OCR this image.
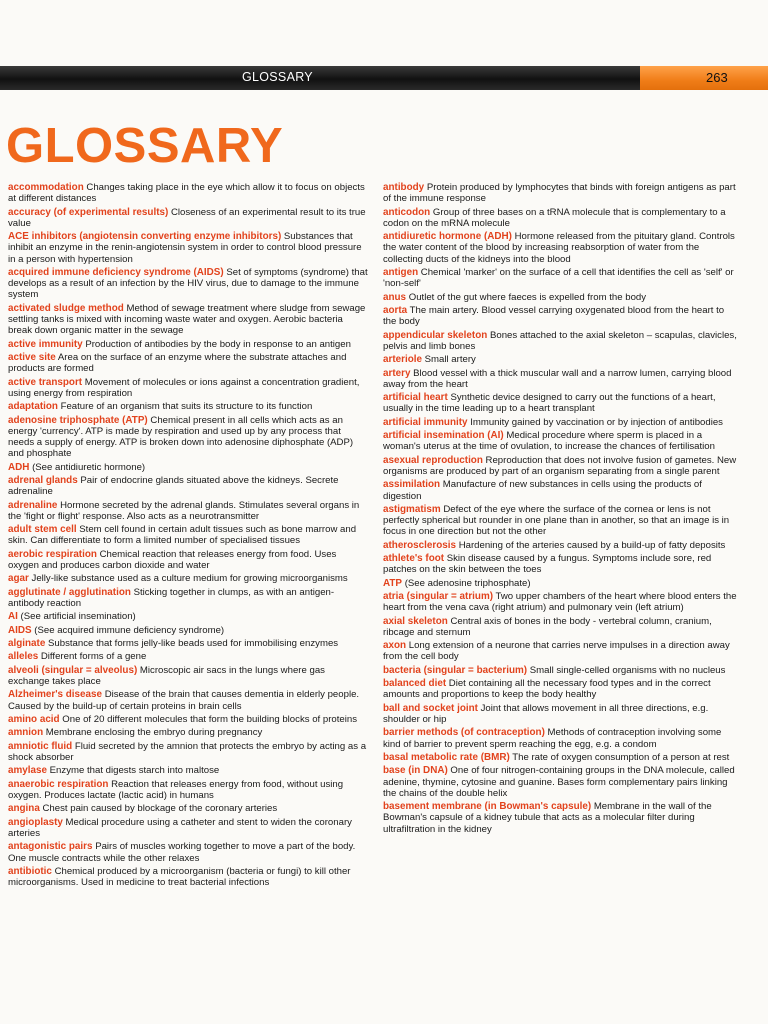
GLOSSARY	263
GLOSSARY

accommodation Changes taking place in the eye which allow it to focus on objects at different distances

accuracy (of experimental results) Closeness of an experimental result to its true value

ACE inhibitors (angiotensin converting enzyme inhibitors) Substances that inhibit an enzyme in the renin-angiotensin system in order to control blood pressure in a person with hypertension

acquired immune deficiency syndrome (AIDS) Set of symptoms (syndrome) that develops as a result of an infection by the HIV virus, due to damage to the immune system

activated sludge method Method of sewage treatment where sludge from sewage settling tanks is mixed with incoming waste water and oxygen. Aerobic bacteria break down organic matter in the sewage

active immunity Production of antibodies by the body in response to an antigen

active site Area on the surface of an enzyme where the substrate attaches and products are formed

active transport Movement of molecules or ions against a concentration gradient, using energy from respiration

adaptation Feature of an organism that suits its structure to its function

adenosine triphosphate (ATP) Chemical present in all cells which acts as an energy 'currency'. ATP is made by respiration and used up by any process that needs a supply of energy. ATP is broken down into adenosine diphosphate (ADP) and phosphate

ADH (See antidiuretic hormone)

adrenal glands Pair of endocrine glands situated above the kidneys. Secrete adrenaline

adrenaline Hormone secreted by the adrenal glands. Stimulates several organs in the 'fight or flight' response. Also acts as a neurotransmitter

adult stem cell Stem cell found in certain adult tissues such as bone marrow and skin. Can differentiate to form a limited number of specialised tissues

aerobic respiration Chemical reaction that releases energy from food. Uses oxygen and produces carbon dioxide and water

agar Jelly-like substance used as a culture medium for growing microorganisms

agglutinate / agglutination Sticking together in clumps, as with an antigen-antibody reaction

AI (See artificial insemination)

AIDS (See acquired immune deficiency syndrome)

alginate Substance that forms jelly-like beads used for immobilising enzymes

alleles Different forms of a gene

alveoli (singular = alveolus) Microscopic air sacs in the lungs where gas exchange takes place

Alzheimer's disease Disease of the brain that causes dementia in elderly people. Caused by the build-up of certain proteins in brain cells

amino acid One of 20 different molecules that form the building blocks of proteins

amnion Membrane enclosing the embryo during pregnancy

amniotic fluid Fluid secreted by the amnion that protects the embryo by acting as a shock absorber

amylase Enzyme that digests starch into maltose

anaerobic respiration Reaction that releases energy from food, without using oxygen. Produces lactate (lactic acid) in humans

angina Chest pain caused by blockage of the coronary arteries

angioplasty Medical procedure using a catheter and stent to widen the coronary arteries

antagonistic pairs Pairs of muscles working together to move a part of the body. One muscle contracts while the other relaxes

antibiotic Chemical produced by a microorganism (bacteria or fungi) to kill other microorganisms. Used in medicine to treat bacterial infections

antibody Protein produced by lymphocytes that binds with foreign antigens as part of the immune response

anticodon Group of three bases on a tRNA molecule that is complementary to a codon on the mRNA molecule

antidiuretic hormone (ADH) Hormone released from the pituitary gland. Controls the water content of the blood by increasing reabsorption of water from the collecting ducts of the kidneys into the blood

antigen Chemical 'marker' on the surface of a cell that identifies the cell as 'self' or 'non-self'

anus Outlet of the gut where faeces is expelled from the body

aorta The main artery. Blood vessel carrying oxygenated blood from the heart to the body

appendicular skeleton Bones attached to the axial skeleton – scapulas, clavicles, pelvis and limb bones

arteriole Small artery

artery Blood vessel with a thick muscular wall and a narrow lumen, carrying blood away from the heart

artificial heart Synthetic device designed to carry out the functions of a heart, usually in the time leading up to a heart transplant

artificial immunity Immunity gained by vaccination or by injection of antibodies

artificial insemination (AI) Medical procedure where sperm is placed in a woman's uterus at the time of ovulation, to increase the chances of fertilisation

asexual reproduction Reproduction that does not involve fusion of gametes. New organisms are produced by part of an organism separating from a single parent

assimilation Manufacture of new substances in cells using the products of digestion

astigmatism Defect of the eye where the surface of the cornea or lens is not perfectly spherical but rounder in one plane than in another, so that an image is in focus in one direction but not the other

atherosclerosis Hardening of the arteries caused by a build-up of fatty deposits

athlete's foot Skin disease caused by a fungus. Symptoms include sore, red patches on the skin between the toes

ATP (See adenosine triphosphate)

atria (singular = atrium) Two upper chambers of the heart where blood enters the heart from the vena cava (right atrium) and pulmonary vein (left atrium)

axial skeleton Central axis of bones in the body - vertebral column, cranium, ribcage and sternum

axon Long extension of a neurone that carries nerve impulses in a direction away from the cell body

bacteria (singular = bacterium) Small single-celled organisms with no nucleus

balanced diet Diet containing all the necessary food types and in the correct amounts and proportions to keep the body healthy

ball and socket joint Joint that allows movement in all three directions, e.g. shoulder or hip

barrier methods (of contraception) Methods of contraception involving some kind of barrier to prevent sperm reaching the egg, e.g. a condom

basal metabolic rate (BMR) The rate of oxygen consumption of a person at rest

base (in DNA) One of four nitrogen-containing groups in the DNA molecule, called adenine, thymine, cytosine and guanine. Bases form complementary pairs linking the chains of the double helix

basement membrane (in Bowman's capsule) Membrane in the wall of the Bowman's capsule of a kidney tubule that acts as a molecular filter during ultrafiltration in the kidney
